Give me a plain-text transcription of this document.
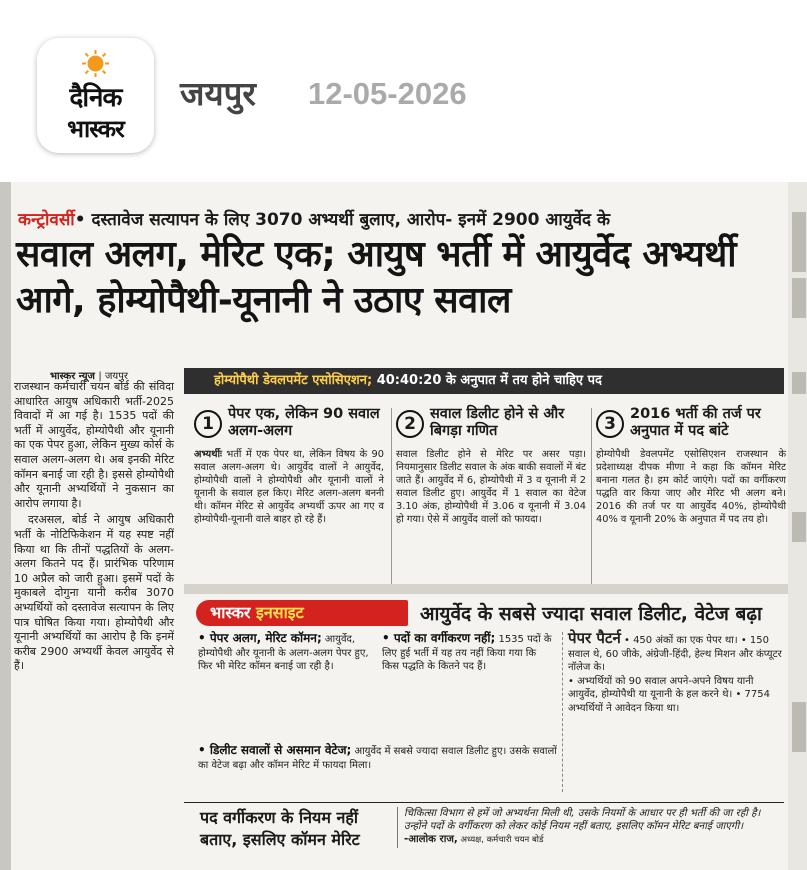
दैनिक
भास्कर
जयपुर 12-05-2026
कन्ट्रोवर्सी• दस्तावेज सत्यापन के लिए 3070 अभ्यर्थी बुलाए, आरोप- इनमें 2900 आयुर्वेद के
सवाल अलग, मेरिट एक; आयुष भर्ती में आयुर्वेद अभ्यर्थी आगे, होम्योपैथी-यूनानी ने उठाए सवाल
भास्कर न्यूज | जयपुर

राजस्थान कर्मचारी चयन बोर्ड की संविदा आधारित आयुष अधिकारी भर्ती-2025 विवादों में आ गई है। 1535 पदों की भर्ती में आयुर्वेद, होम्योपैथी और यूनानी का एक पेपर हुआ, लेकिन मुख्य कोर्स के सवाल अलग-अलग थे। अब इनकी मेरिट कॉमन बनाई जा रही है। इससे होम्योपैथी और यूनानी अभ्यर्थियों ने नुकसान का आरोप लगाया है।

दरअसल, बोर्ड ने आयुष अधिकारी भर्ती के नोटिफिकेशन में यह स्पष्ट नहीं किया था कि तीनों पद्धतियों के अलग-अलग कितने पद हैं। प्रारंभिक परिणाम 10 अप्रैल को जारी हुआ। इसमें पदों के मुकाबले दोगुना यानी करीब 3070 अभ्यर्थियों को दस्तावेज सत्यापन के लिए पात्र घोषित किया गया। होम्योपैथी और यूनानी अभ्यर्थियों का आरोप है कि इनमें करीब 2900 अभ्यर्थी केवल आयुर्वेद से हैं।

होम्योपैथी डेवलपमेंट एसोसिएशन; 40:40:20 के अनुपात में तय होने चाहिए पद
1 पेपर एक, लेकिन 90 सवाल अलग-अलग
अभ्यर्थीः भर्ती में एक पेपर था, लेकिन विषय के 90 सवाल अलग-अलग थे। आयुर्वेद वालों ने आयुर्वेद, होम्योपैथी वालों ने होम्योपैथी और यूनानी वालों ने यूनानी के सवाल हल किए। मेरिट अलग-अलग बननी थी। कॉमन मेरिट से आयुर्वेद अभ्यर्थी ऊपर आ गए व होम्योपैथी-यूनानी वाले बाहर हो रहे हैं।
2 सवाल डिलीट होने से और बिगड़ा गणित
सवाल डिलीट होने से मेरिट पर असर पड़ा। नियमानुसार डिलीट सवाल के अंक बाकी सवालों में बंट जाते हैं। आयुर्वेद में 6, होम्योपैथी में 3 व यूनानी में 2 सवाल डिलीट हुए। आयुर्वेद में 1 सवाल का वेटेज 3.10 अंक, होम्योपैथी में 3.06 व यूनानी में 3.04 हो गया। ऐसे में आयुर्वेद वालों को फायदा।
3 2016 भर्ती की तर्ज पर अनुपात में पद बांटे
होम्योपैथी डेवलपमेंट एसोसिएशन राजस्थान के प्रदेशाध्यक्ष दीपक मीणा ने कहा कि कॉमन मेरिट बनाना गलत है। हम कोर्ट जाएंगे। पदों का वर्गीकरण पद्धति वार किया जाए और मेरिट भी अलग बने। 2016 की तर्ज पर या आयुर्वेद 40%, होम्योपैथी 40% व यूनानी 20% के अनुपात में पद तय हो।
भास्कर इनसाइट	आयुर्वेद के सबसे ज्यादा सवाल डिलीट, वेटेज बढ़ा
• पेपर अलग, मेरिट कॉमन; आयुर्वेद, होम्योपैथी और यूनानी के अलग-अलग पेपर हुए, फिर भी मेरिट कॉमन बनाई जा रही है।
• पदों का वर्गीकरण नहीं; 1535 पदों के लिए हुई भर्ती में यह तय नहीं किया गया कि किस पद्धति के कितने पद हैं।
• डिलीट सवालों से असमान वेटेज; आयुर्वेद में सबसे ज्यादा सवाल डिलीट हुए। उसके सवालों का वेटेज बढ़ा और कॉमन मेरिट में फायदा मिला।
पेपर पैटर्न • 450 अंकों का एक पेपर था। • 150 सवाल थे, 60 जीके, अंग्रेजी-हिंदी, हेल्थ मिशन और कंप्यूटर नॉलेज के।
• अभ्यर्थियों को 90 सवाल अपने-अपने विषय यानी आयुर्वेद, होम्योपैथी या यूनानी के हल करने थे। • 7754 अभ्यर्थियों ने आवेदन किया था।
पद वर्गीकरण के नियम नहीं बताए, इसलिए कॉमन मेरिट
चिकित्सा विभाग से हमें जो अभ्यर्थना मिली थी, उसके नियमों के आधार पर ही भर्ती की जा रही है। उन्होंने पदों के वर्गीकरण को लेकर कोई नियम नहीं बताए, इसलिए कॉमन मेरिट बनाई जाएगी। -आलोक राज, अध्यक्ष, कर्मचारी चयन बोर्ड
